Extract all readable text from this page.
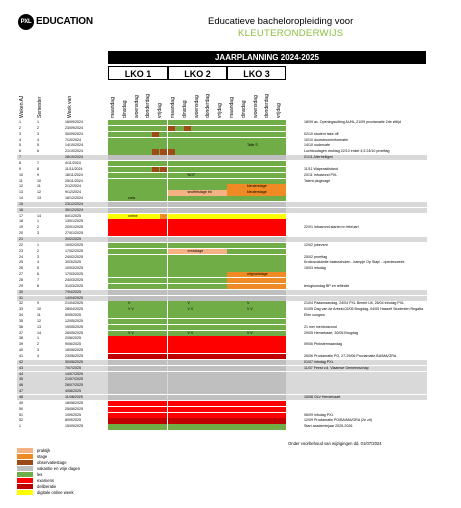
PXL EDUCATION	Educatieve bacheloropleiding voor
KLEUTERONDERWIJS
JAARPLANNING 2024-2025
LKO 1	LKO 2	LKO 3
Weken AJ Semester	Week van	maandag dinsdag woensdag donderdag vrijdag maandag dinsdag woensdag donderdag vrijdag maandag dinsdag woensdag donderdag vrijdag
1	1	16/09/2024	18/09 ac. Openingsuitting AUHL,21/09 proclamatie 2de zittijd
2	2	23/09/2024
3	3	30/09/2024	02/10 student take off
4	4	7/10/2024	10/10 doorstroominformatie
5	5	14/10/2024	Talie S	14/10 oudercafé
6	6	21/10/2024	Luchtoudagen druktag 22/10 enkel 4,5 24/10 proeftag
7	28/10/2024	01/11 Allerheiligen
8	7	4/11/2024
9	8	11/11/2024	11/11 Wapenstilstand
10	9	18/11/2024	NOT	20/11 Infoavond PXL
11	10	25/11/2024	Talent pluginage
12	11	2/12/2024	kleuterstage
13	12	9/12/2024	snuffelstage int	kleuterstage
14	13	16/12/2024	crea
15	23/12/2024
16	30/12/2024
17	14	6/01/2025	online
18	1	13/01/2025
19	2	20/01/2025	22/01 infoavond starten in februari
20	3	27/01/2025
21	3/02/2025
22	1	10/02/2025	12/02 jobevent
23	2	17/02/2025	creastage
24	3	24/02/2025	25/02 proeftag
25	4	3/03/2025	Krokusvakantie basisscholen - kampje Op Stap! - openlesweek
26	5	10/03/2025	15/03 infodag
27	6	17/03/2025	uitgroeistage
28	7	24/03/2025
29	8	31/03/2025	terugkomdag BP en reflectie
30	7/04/2025
31	14/04/2025
32	9	21/04/2025	V	V	V	21/04 Paasmaandag, 24/04 PXL Breekt Uit, 26/04 infodag PXL
33	10	28/04/2025	V V	V V	V V	01/05 Dag van de Arbeid,02/05 Brugdag, 04/05 Hasselt Studenten Regatta
34	11	5/05/2025	Elen congres
35	12	12/05/2025
36	13	19/05/2025	21 mei mentoravond
37	14	26/05/2025	V V	V V	V V	29/05 Hemelvaart, 30/05 Brugdag
38	1	2/06/2025
39	2	9/06/2025	09/06 Pinkstermaandag
40	3	16/06/2025
41	4	23/06/2025	26/06 Proclamatie PG, 27-29/06 Proclamatie BA/MA/GRA
42	30/06/2025	01/07 infodag PXL
43	7/07/2025	11/07 Feest v.d. Vlaamse Gemeenschap
44	14/07/2025
45	21/07/2025
46	28/07/2025
47	4/08/2025
48	11/08/2025	15/08 OLV Hemelvaart
49	18/08/2025
50	25/08/2025
51	1/09/2025	06/09 infodag PXL
52	8/09/2025	12/09 Proclamatie PG/BA/MA/GRA (2e zit)
1	15/09/2025	Start academiejaar 2025-2026
Onder voorbehoud van wijzigingen dd. 01/07/2024
praktijk
stage
observatiestage
vakantie en vrije dagen
les
examens
deliberatie
digitale online week
